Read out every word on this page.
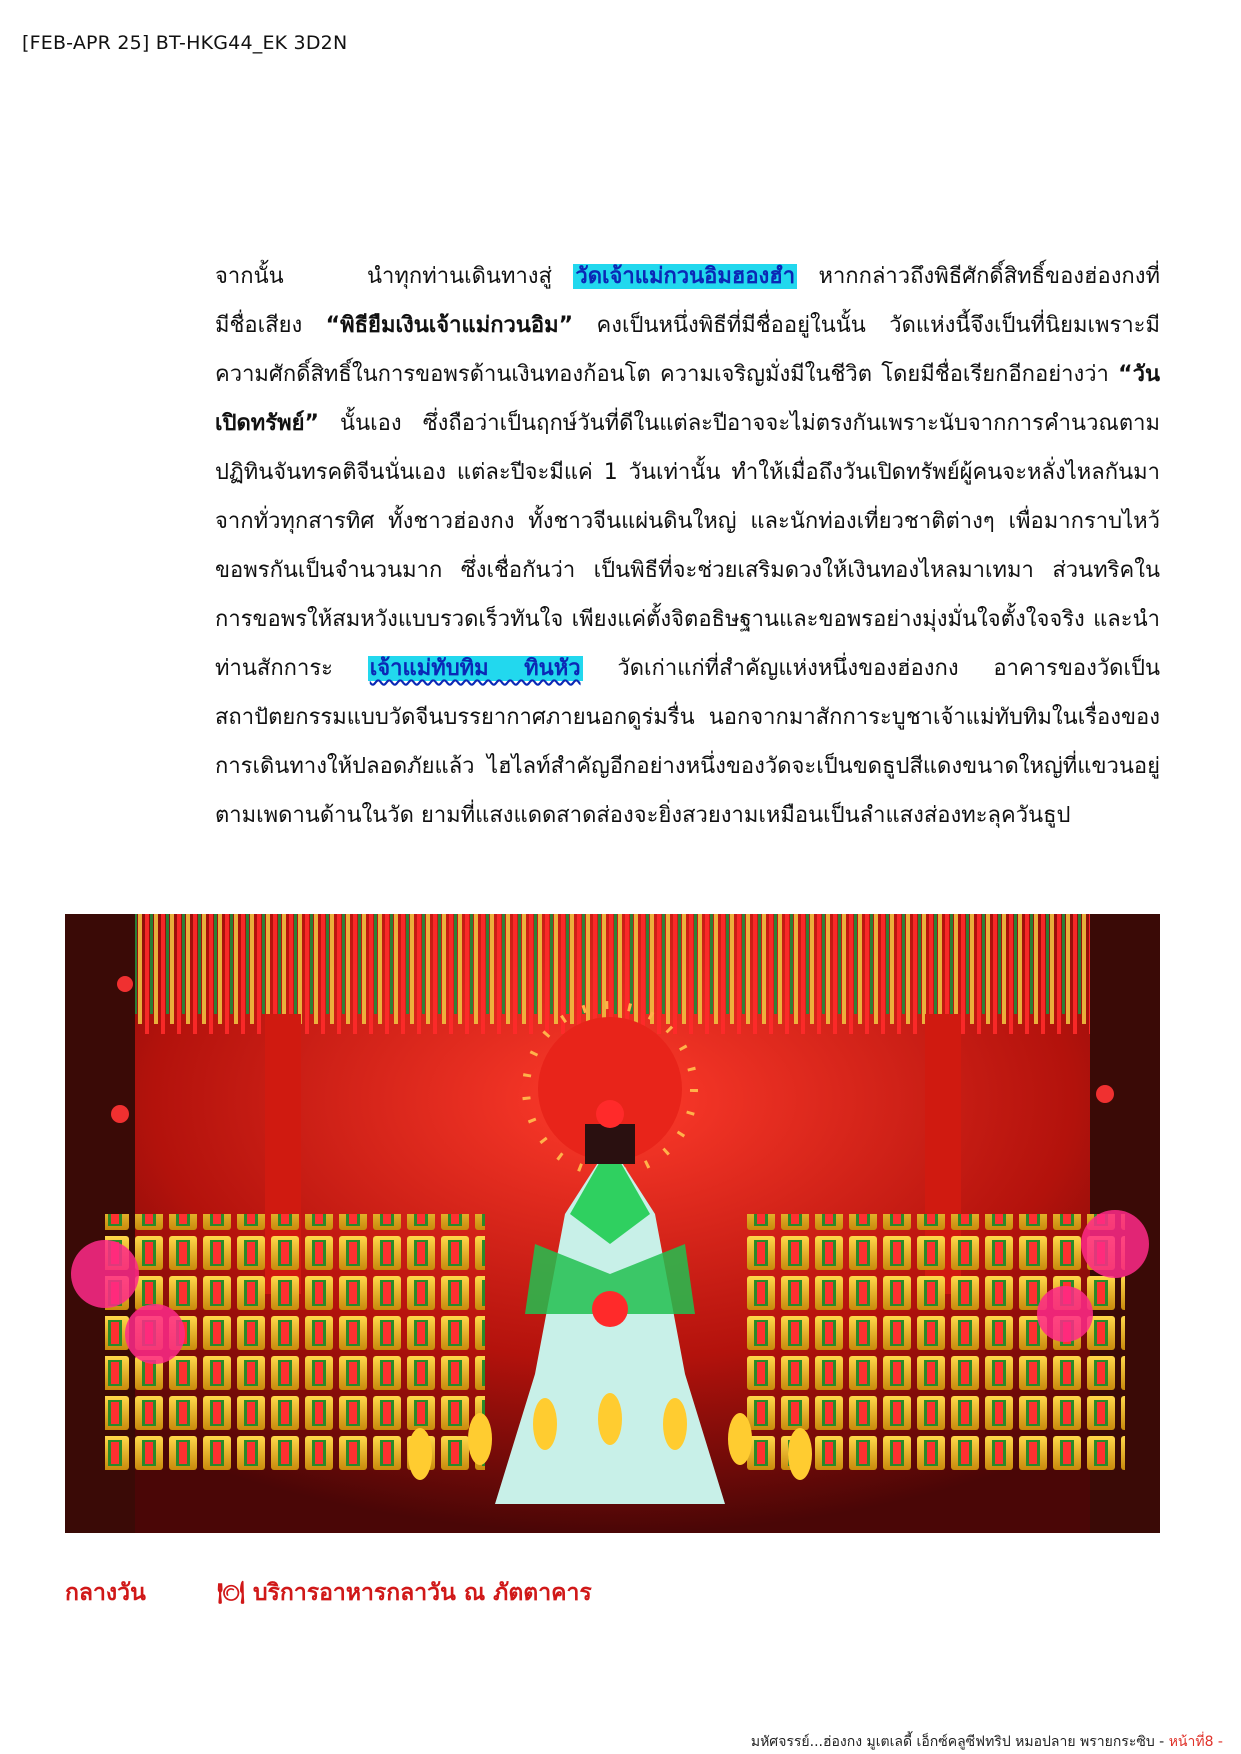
[FEB-APR 25] BT-HKG44_EK 3D2N

จากนั้น	นำทุกท่านเดินทางสู่ วัดเจ้าแม่กวนอิมฮองฮำ หากกล่าวถึงพิธีศักดิ์สิทธิ์ของฮ่องกงที่มีชื่อเสียง “พิธียืมเงินเจ้าแม่กวนอิม” คงเป็นหนึ่งพิธีที่มีชื่ออยู่ในนั้น วัดแห่งนี้จึงเป็นที่นิยมเพราะมีความศักดิ์สิทธิ์ในการขอพรด้านเงินทองก้อนโต ความเจริญมั่งมีในชีวิต โดยมีชื่อเรียกอีกอย่างว่า “วันเปิดทรัพย์” นั้นเอง ซึ่งถือว่าเป็นฤกษ์วันที่ดีในแต่ละปีอาจจะไม่ตรงกันเพราะนับจากการคำนวณตามปฏิทินจันทรคติจีนนั่นเอง แต่ละปีจะมีแค่ 1 วันเท่านั้น ทำให้เมื่อถึงวันเปิดทรัพย์ผู้คนจะหลั่งไหลกันมาจากทั่วทุกสารทิศ ทั้งชาวฮ่องกง ทั้งชาวจีนแผ่นดินใหญ่ และนักท่องเที่ยวชาติต่างๆ เพื่อมากราบไหว้ขอพรกันเป็นจำนวนมาก ซึ่งเชื่อกันว่า เป็นพิธีที่จะช่วยเสริมดวงให้เงินทองไหลมาเทมา ส่วนทริคในการขอพรให้สมหวังแบบรวดเร็วทันใจ เพียงแค่ตั้งจิตอธิษฐานและขอพรอย่างมุ่งมั่นใจตั้งใจจริง และนำท่านสักการะ เจ้าแม่ทับทิม ทินหัว วัดเก่าแก่ที่สำคัญแห่งหนึ่งของฮ่องกง อาคารของวัดเป็นสถาปัตยกรรมแบบวัดจีนบรรยากาศภายนอกดูร่มรื่น นอกจากมาสักการะบูชาเจ้าแม่ทับทิมในเรื่องของการเดินทางให้ปลอดภัยแล้ว ไฮไลท์สำคัญอีกอย่างหนึ่งของวัดจะเป็นขดธูปสีแดงขนาดใหญ่ที่แขวนอยู่ตามเพดานด้านในวัด ยามที่แสงแดดสาดส่องจะยิ่งสวยงามเหมือนเป็นลำแสงส่องทะลุควันธูป

กลางวัน	🍽 บริการอาหารกลาวัน ณ ภัตตาคาร
มหัศจรรย์...ฮ่องกง มูเตเลดี้ เอ็กซ์คลูซีฟทริป หมอปลาย พรายกระซิบ - หน้าที่8 -
